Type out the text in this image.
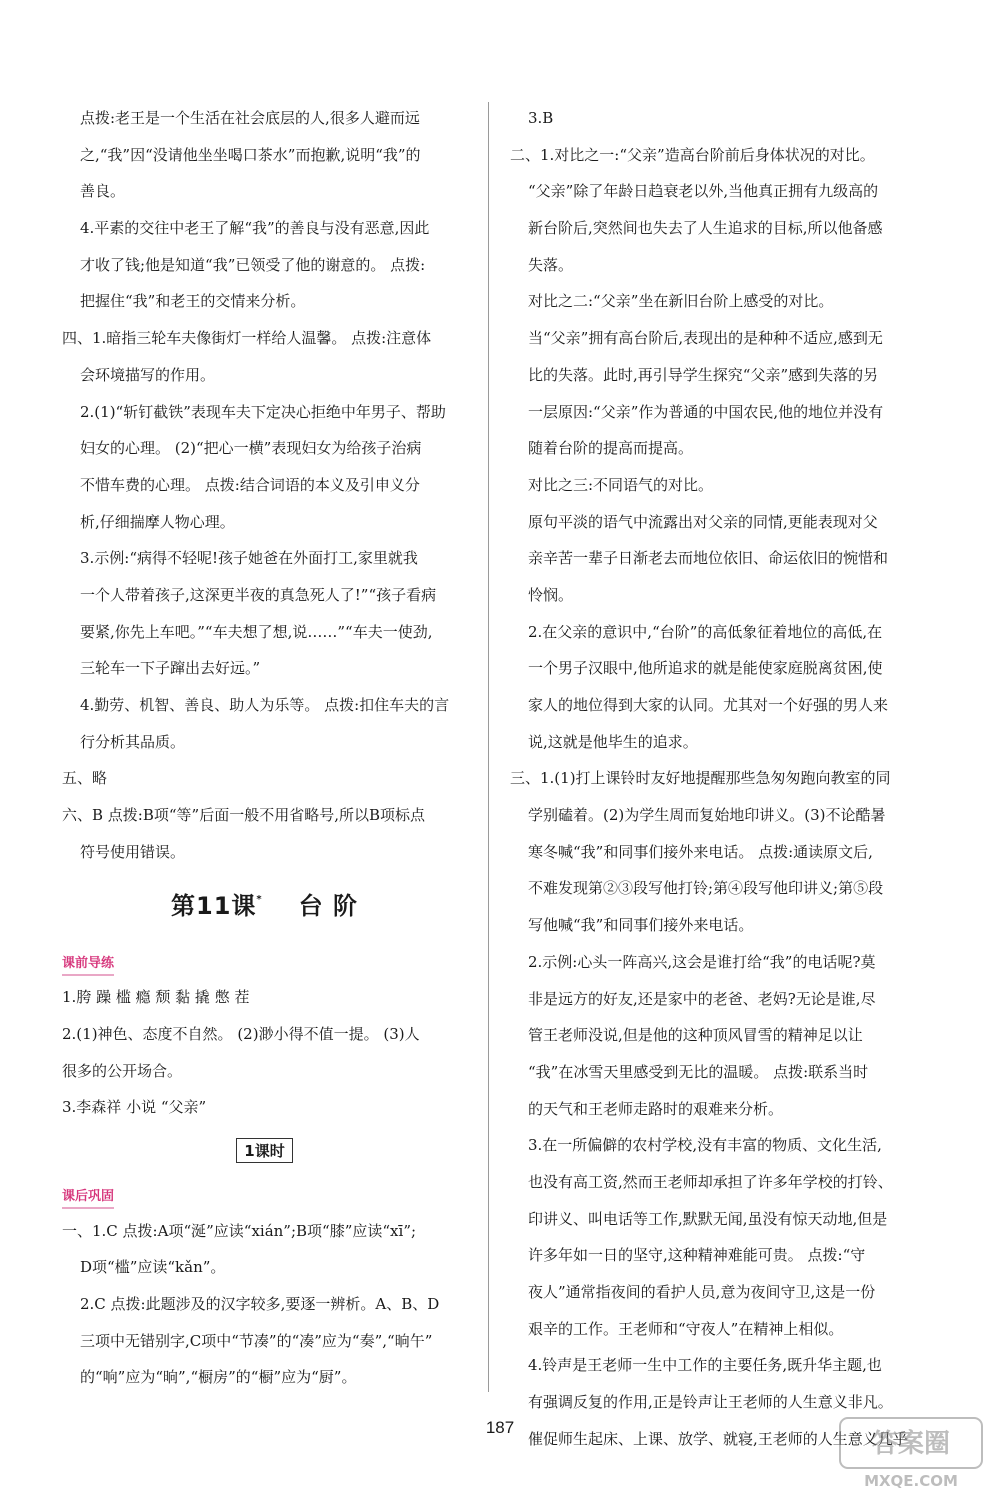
点拨:老王是一个生活在社会底层的人,很多人避而远
之,“我”因“没请他坐坐喝口茶水”而抱歉,说明“我”的
善良。
4.平素的交往中老王了解“我”的善良与没有恶意,因此
才收了钱;他是知道“我”已领受了他的谢意的。 点拨:
把握住“我”和老王的交情来分析。
四、1.暗指三轮车夫像街灯一样给人温馨。 点拨:注意体
会环境描写的作用。
2.(1)“斩钉截铁”表现车夫下定决心拒绝中年男子、帮助
妇女的心理。 (2)“把心一横”表现妇女为给孩子治病
不惜车费的心理。 点拨:结合词语的本义及引申义分
析,仔细揣摩人物心理。
3.示例:“病得不轻呢!孩子她爸在外面打工,家里就我
一个人带着孩子,这深更半夜的真急死人了!”“孩子看病
要紧,你先上车吧。”“车夫想了想,说……”“车夫一使劲,
三轮车一下子蹿出去好远。”
4.勤劳、机智、善良、助人为乐等。 点拨:扣住车夫的言
行分析其品质。
五、略
六、B 点拨:B项“等”后面一般不用省略号,所以B项标点
符号使用错误。
第11课* 台 阶
课前导练
1.胯 躁 槛 瘾 颓 黏 撬 憋 茬
2.(1)神色、态度不自然。 (2)渺小得不值一提。 (3)人
很多的公开场合。
3.李森祥 小说 “父亲”
1课时
课后巩固
一、1.C 点拨:A项“涎”应读“xián”;B项“膝”应读“xī”;
D项“槛”应读“kǎn”。
2.C 点拨:此题涉及的汉字较多,要逐一辨析。A、B、D
三项中无错别字,C项中“节凑”的“凑”应为“奏”,“晌午”
的“响”应为“晌”,“橱房”的“橱”应为“厨”。
3.B
二、1.对比之一:“父亲”造高台阶前后身体状况的对比。
“父亲”除了年龄日趋衰老以外,当他真正拥有九级高的
新台阶后,突然间也失去了人生追求的目标,所以他备感
失落。
对比之二:“父亲”坐在新旧台阶上感受的对比。
当“父亲”拥有高台阶后,表现出的是种种不适应,感到无
比的失落。此时,再引导学生探究“父亲”感到失落的另
一层原因:“父亲”作为普通的中国农民,他的地位并没有
随着台阶的提高而提高。
对比之三:不同语气的对比。
原句平淡的语气中流露出对父亲的同情,更能表现对父
亲辛苦一辈子日渐老去而地位依旧、命运依旧的惋惜和
怜悯。
2.在父亲的意识中,“台阶”的高低象征着地位的高低,在
一个男子汉眼中,他所追求的就是能使家庭脱离贫困,使
家人的地位得到大家的认同。尤其对一个好强的男人来
说,这就是他毕生的追求。
三、1.(1)打上课铃时友好地提醒那些急匆匆跑向教室的同
学别磕着。(2)为学生周而复始地印讲义。(3)不论酷暑
寒冬喊“我”和同事们接外来电话。 点拨:通读原文后,
不难发现第②③段写他打铃;第④段写他印讲义;第⑤段
写他喊“我”和同事们接外来电话。
2.示例:心头一阵高兴,这会是谁打给“我”的电话呢?莫
非是远方的好友,还是家中的老爸、老妈?无论是谁,尽
管王老师没说,但是他的这种顶风冒雪的精神足以让
“我”在冰雪天里感受到无比的温暖。 点拨:联系当时
的天气和王老师走路时的艰难来分析。
3.在一所偏僻的农村学校,没有丰富的物质、文化生活,
也没有高工资,然而王老师却承担了许多年学校的打铃、
印讲义、叫电话等工作,默默无闻,虽没有惊天动地,但是
许多年如一日的坚守,这种精神难能可贵。 点拨:“守
夜人”通常指夜间的看护人员,意为夜间守卫,这是一份
艰辛的工作。王老师和“守夜人”在精神上相似。
4.铃声是王老师一生中工作的主要任务,既升华主题,也
有强调反复的作用,正是铃声让王老师的人生意义非凡。
催促师生起床、上课、放学、就寝,王老师的人生意义几乎
187
答案圈
MXQE.COM
